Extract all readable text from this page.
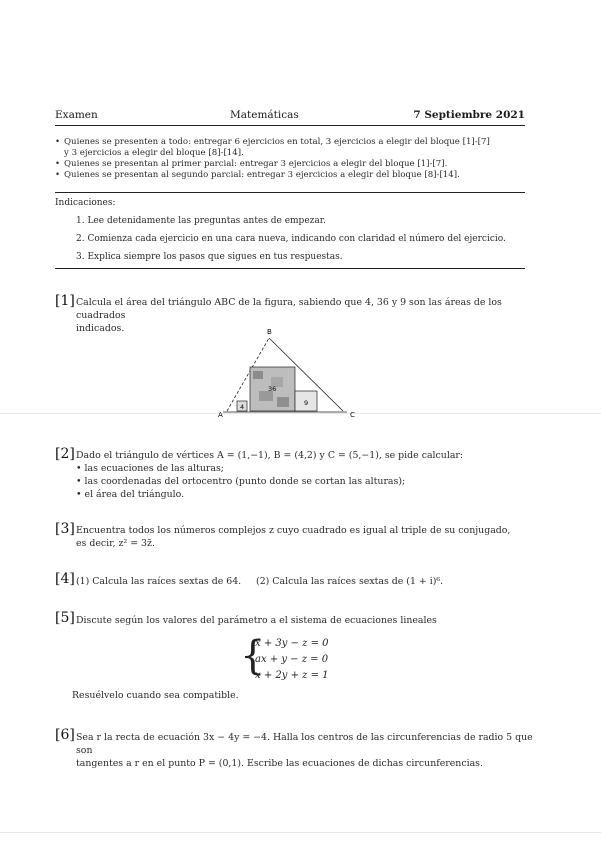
Examen	Matemáticas	7 Septiembre 2021
• Quienes se presenten a todo: entregar 6 ejercicios en total, 3 ejercicios a elegir del bloque [1]-[7]
y 3 ejercicios a elegir del bloque [8]-[14].
• Quienes se presentan al primer parcial: entregar 3 ejercicios a elegir del bloque [1]-[7].
• Quienes se presentan al segundo parcial: entregar 3 ejercicios a elegir del bloque [8]-[14].
Indicaciones:
1. Lee detenidamente las preguntas antes de empezar.
2. Comienza cada ejercicio en una cara nueva, indicando con claridad el número del ejercicio.
3. Explica siempre los pasos que sigues en tus respuestas.
[1] Calcula el área del triángulo ABC de la figura, sabiendo que 4, 36 y 9 son las áreas de los cuadrados
indicados.	B
A	C
4
36
9
[2] Dado el triángulo de vértices A = (1,−1), B = (4,2) y C = (5,−1), se pide calcular:
• las ecuaciones de las alturas;
• las coordenadas del ortocentro (punto donde se cortan las alturas);
• el área del triángulo.
[3] Encuentra todos los números complejos z cuyo cuadrado es igual al triple de su conjugado,
es decir, z² = 3z̄.
[4] (1) Calcula las raíces sextas de 64.     (2) Calcula las raíces sextas de (1 + i)⁶.
[5] Discute según los valores del parámetro a el sistema de ecuaciones lineales
{
x + 3y − z = 0
ax + y − z = 0
x + 2y + z = 1
Resuélvelo cuando sea compatible.
[6] Sea r la recta de ecuación 3x − 4y = −4. Halla los centros de las circunferencias de radio 5 que son
tangentes a r en el punto P = (0,1). Escribe las ecuaciones de dichas circunferencias.
